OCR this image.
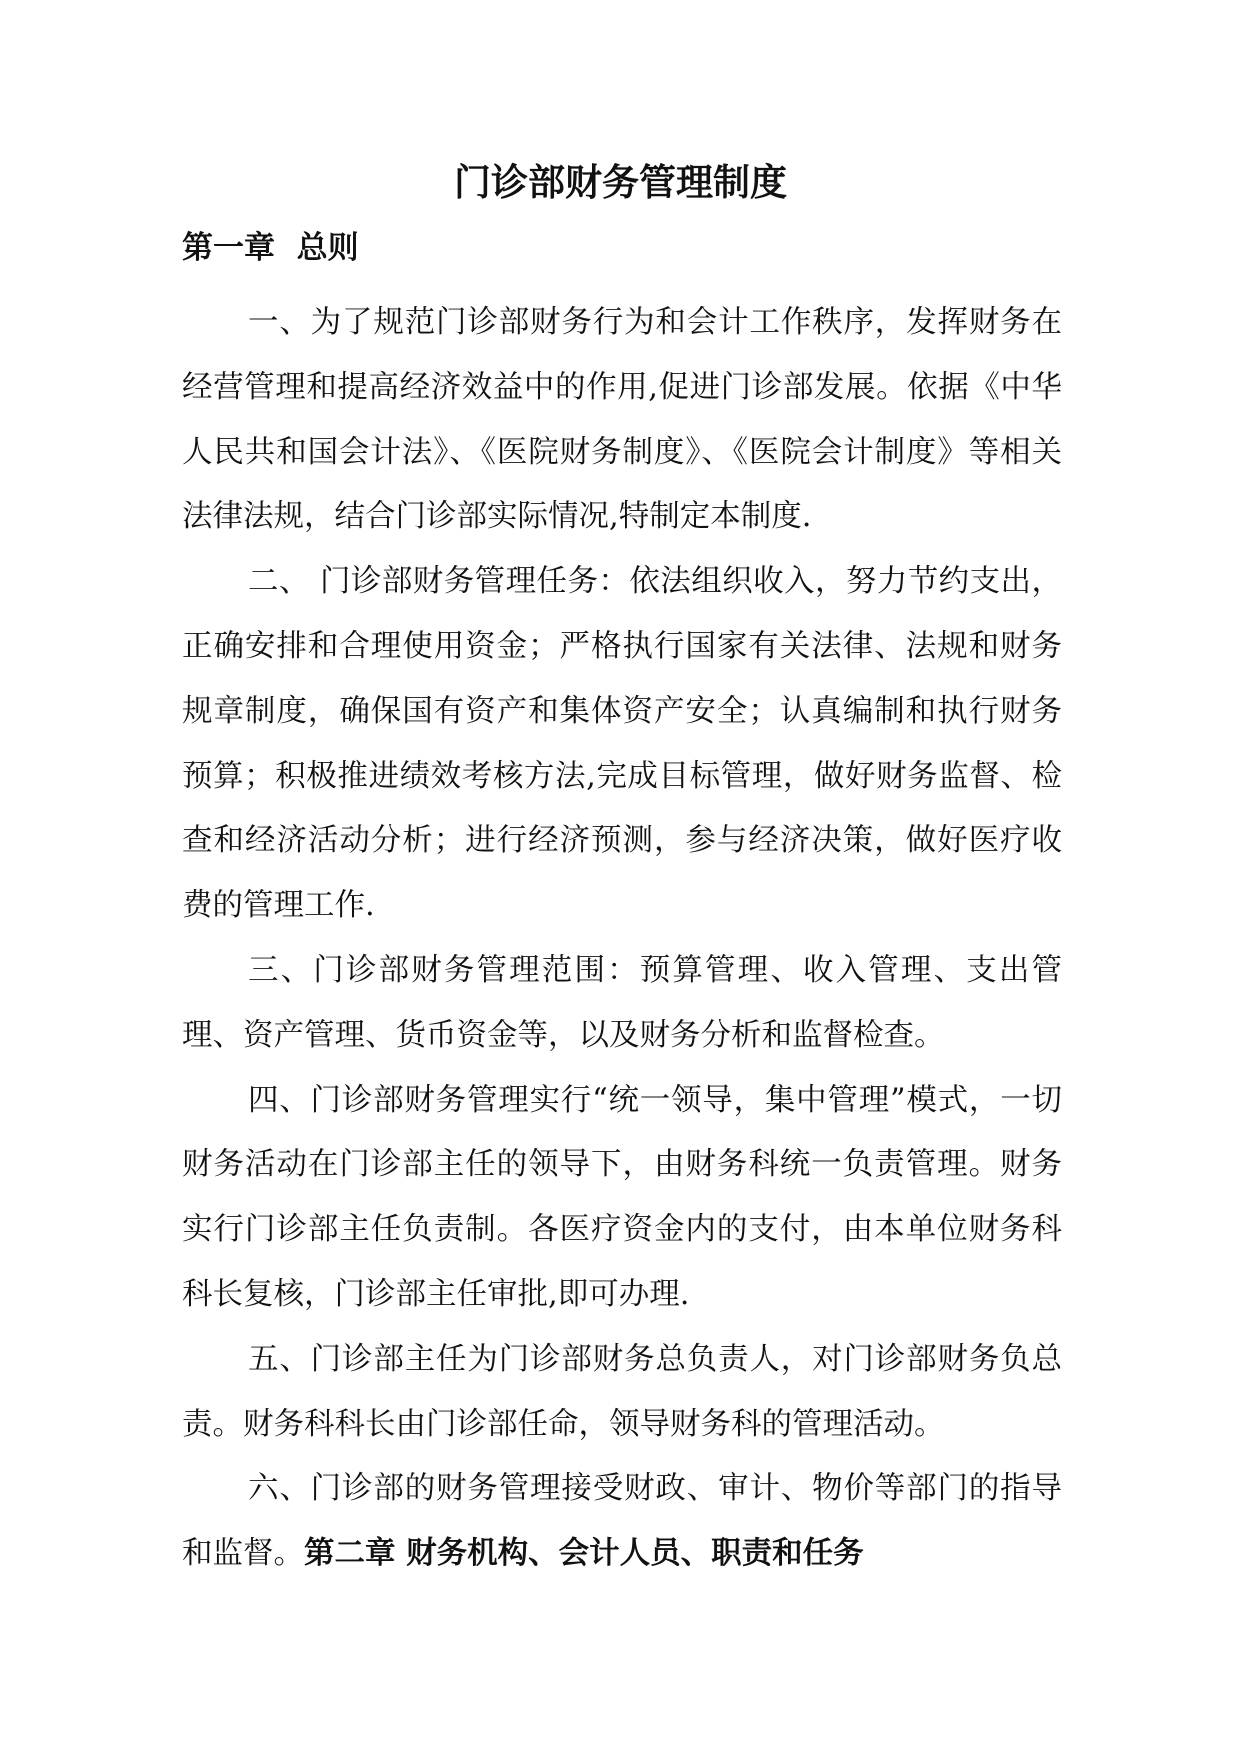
门诊部财务管理制度
第一章  总则

一、为了规范门诊部财务行为和会计工作秩序，发挥财务在经营管理和提高经济效益中的作用,促进门诊部发展。依据《中华人民共和国会计法》、《医院财务制度》、《医院会计制度》等相关法律法规，结合门诊部实际情况,特制定本制度.

二、 门诊部财务管理任务：依法组织收入，努力节约支出，正确安排和合理使用资金；严格执行国家有关法律、法规和财务规章制度，确保国有资产和集体资产安全；认真编制和执行财务预算；积极推进绩效考核方法,完成目标管理，做好财务监督、检查和经济活动分析；进行经济预测，参与经济决策，做好医疗收费的管理工作.

三、门诊部财务管理范围：预算管理、收入管理、支出管理、资产管理、货币资金等，以及财务分析和监督检查。

四、门诊部财务管理实行“统一领导，集中管理”模式，一切财务活动在门诊部主任的领导下，由财务科统一负责管理。财务实行门诊部主任负责制。各医疗资金内的支付，由本单位财务科科长复核，门诊部主任审批,即可办理.

五、门诊部主任为门诊部财务总负责人，对门诊部财务负总责。财务科科长由门诊部任命，领导财务科的管理活动。

六、门诊部的财务管理接受财政、审计、物价等部门的指导和监督。第二章 财务机构、会计人员、职责和任务
